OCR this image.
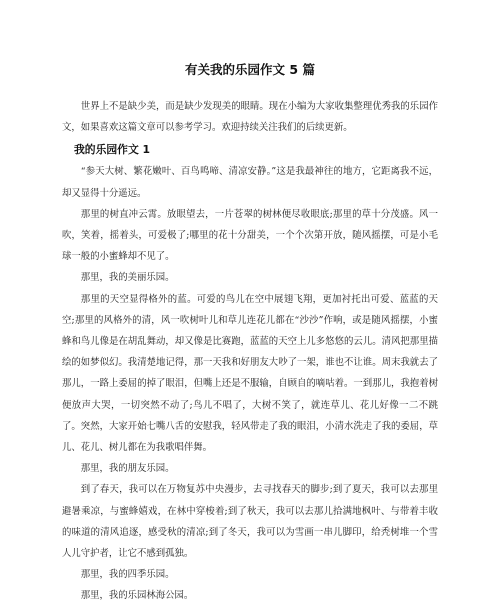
有关我的乐园作文 5 篇

世界上不是缺少美，而是缺少发现美的眼睛。现在小编为大家收集整理优秀我的乐园作文，如果喜欢这篇文章可以参考学习。欢迎持续关注我们的后续更新。

我的乐园作文 1

“参天大树、繁花嫩叶、百鸟鸣啼、清凉安静。”这是我最神往的地方，它距离我不远，却又显得十分遥远。

那里的树直冲云霄。放眼望去，一片苍翠的树林便尽收眼底;那里的草十分茂盛。风一吹，笑着，摇着头，可爱极了;哪里的花十分甜美，一个个次第开放，随风摇摆，可是小毛球一般的小蜜蜂却不见了。

那里，我的美丽乐园。

那里的天空显得格外的蓝。可爱的鸟儿在空中展翅飞翔，更加衬托出可爱、蓝蓝的天空;那里的风格外的清，风一吹树叶儿和草儿连花儿都在“沙沙”作响，或是随风摇摆，小蜜蜂和鸟儿像是在胡乱舞动，却又像是比赛跑，蓝蓝的天空上儿多悠悠的云儿。清风把那里描绘的如梦似幻。我清楚地记得，那一天我和好朋友大吵了一架，谁也不让谁。周末我就去了那儿，一路上委屈的掉了眼泪，但嘴上还是不服输，自顾自的嘀咕着。一到那儿，我抱着树便放声大哭，一切突然不动了;鸟儿不唱了，大树不笑了，就连草儿、花儿好像一二不跳了。突然，大家开始七嘴八舌的安慰我，轻风带走了我的眼泪，小清水洗走了我的委屈，草儿、花儿、树儿都在为我歌唱伴舞。

那里，我的朋友乐园。

到了春天，我可以在万物复苏中央漫步，去寻找春天的脚步;到了夏天，我可以去那里避暑乘凉，与蜜蜂嬉戏，在林中穿梭着;到了秋天，我可以去那儿拾满地枫叶、与带着丰收的味道的清风追逐，感受秋的清凉;到了冬天，我可以为雪画一串儿脚印，给秃树堆一个雪人儿守护者，让它不感到孤独。

那里，我的四季乐园。

那里，我的乐园林海公园。
